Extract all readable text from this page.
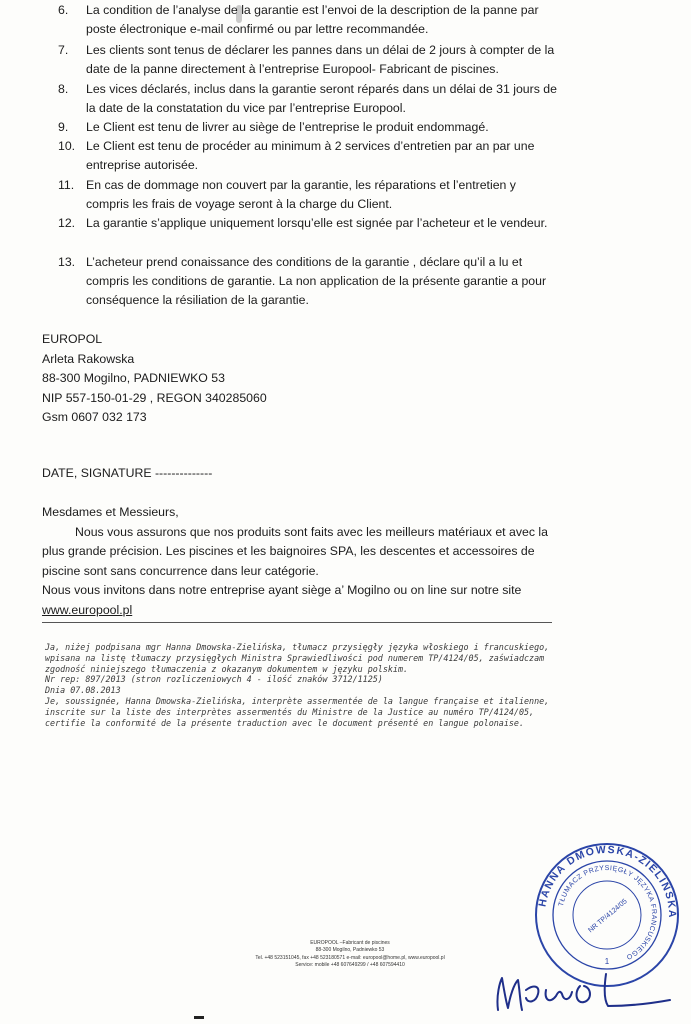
6.	La condition de l’analyse de la garantie est l’envoi de la description de la panne par poste électronique e-mail confirmé ou par lettre recommandée.
7.	Les clients sont tenus de déclarer les pannes dans un délai de 2 jours à compter de la date de la panne directement à l’entreprise Europool- Fabricant de piscines.
8.	Les vices déclarés, inclus dans la garantie seront réparés dans un délai de 31 jours de la date de la constatation du vice par l’entreprise Europool.
9.	Le Client est tenu de livrer au siège de l’entreprise le produit endommagé.
10. Le Client est tenu de procéder au minimum à 2 services d’entretien par an par une entreprise autorisée.
11. En cas de dommage non couvert par la garantie, les réparations et l’entretien y compris les frais de voyage seront à la charge du Client.
12. La garantie s’applique uniquement lorsqu’elle est signée par l’acheteur et le vendeur.
13. L’acheteur prend conaissance des conditions de la garantie , déclare qu’il a lu et compris les conditions de garantie. La non application de la présente garantie a pour conséquence la résiliation de la garantie.
EUROPOL
Arleta Rakowska
88-300 Mogilno, PADNIEWKO 53
NIP 557-150-01-29 , REGON 340285060
Gsm 0607 032 173
DATE, SIGNATURE --------------

Mesdames et Messieurs,

Nous vous assurons que nos produits sont faits avec les meilleurs matériaux et avec la plus grande précision. Les piscines et les baignoires SPA, les descentes et accessoires de piscine sont sans concurrence dans leur catégorie.

Nous vous invitons dans notre entreprise ayant siège a’ Mogilno ou on line sur notre site

www.europool.pl

Ja, niżej podpisana mgr Hanna Dmowska-Zielińska, tłumacz przysięgły języka włoskiego i francuskiego, wpisana na listę tłumaczy przysięgłych Ministra Sprawiedliwości pod numerem TP/4124/05, zaświadczam zgodność niniejszego tłumaczenia z okazanym dokumentem w języku polskim.

Nr rep: 897/2013 (stron rozliczeniowych 4 - ilość znaków 3712/1125)

Dnia 07.08.2013

Je, soussignée, Hanna Dmowska-Zielińska, interprète assermentée de la langue française et italienne, inscrite sur la liste des interprètes assermentés du Ministre de la Justice au numéro TP/4124/05, certifie la conformité de la présente traduction avec le document présenté en langue polonaise.

EUROPOOL –Fabricant de piscines
88-300 Mogilno, Padniewko 53
Tel. +48 523151045, fax +48 523180571 e-mail: europool@home.pl, www.europool.pl
Service: mobile +48 607649299 / +48 607594410
HANNA DMOWSKA-ZIELIŃSKA
TŁUMACZ PRZYSIĘGŁY JĘZYKA FRANCUSKIEGO
NR TP/4124/05
1
